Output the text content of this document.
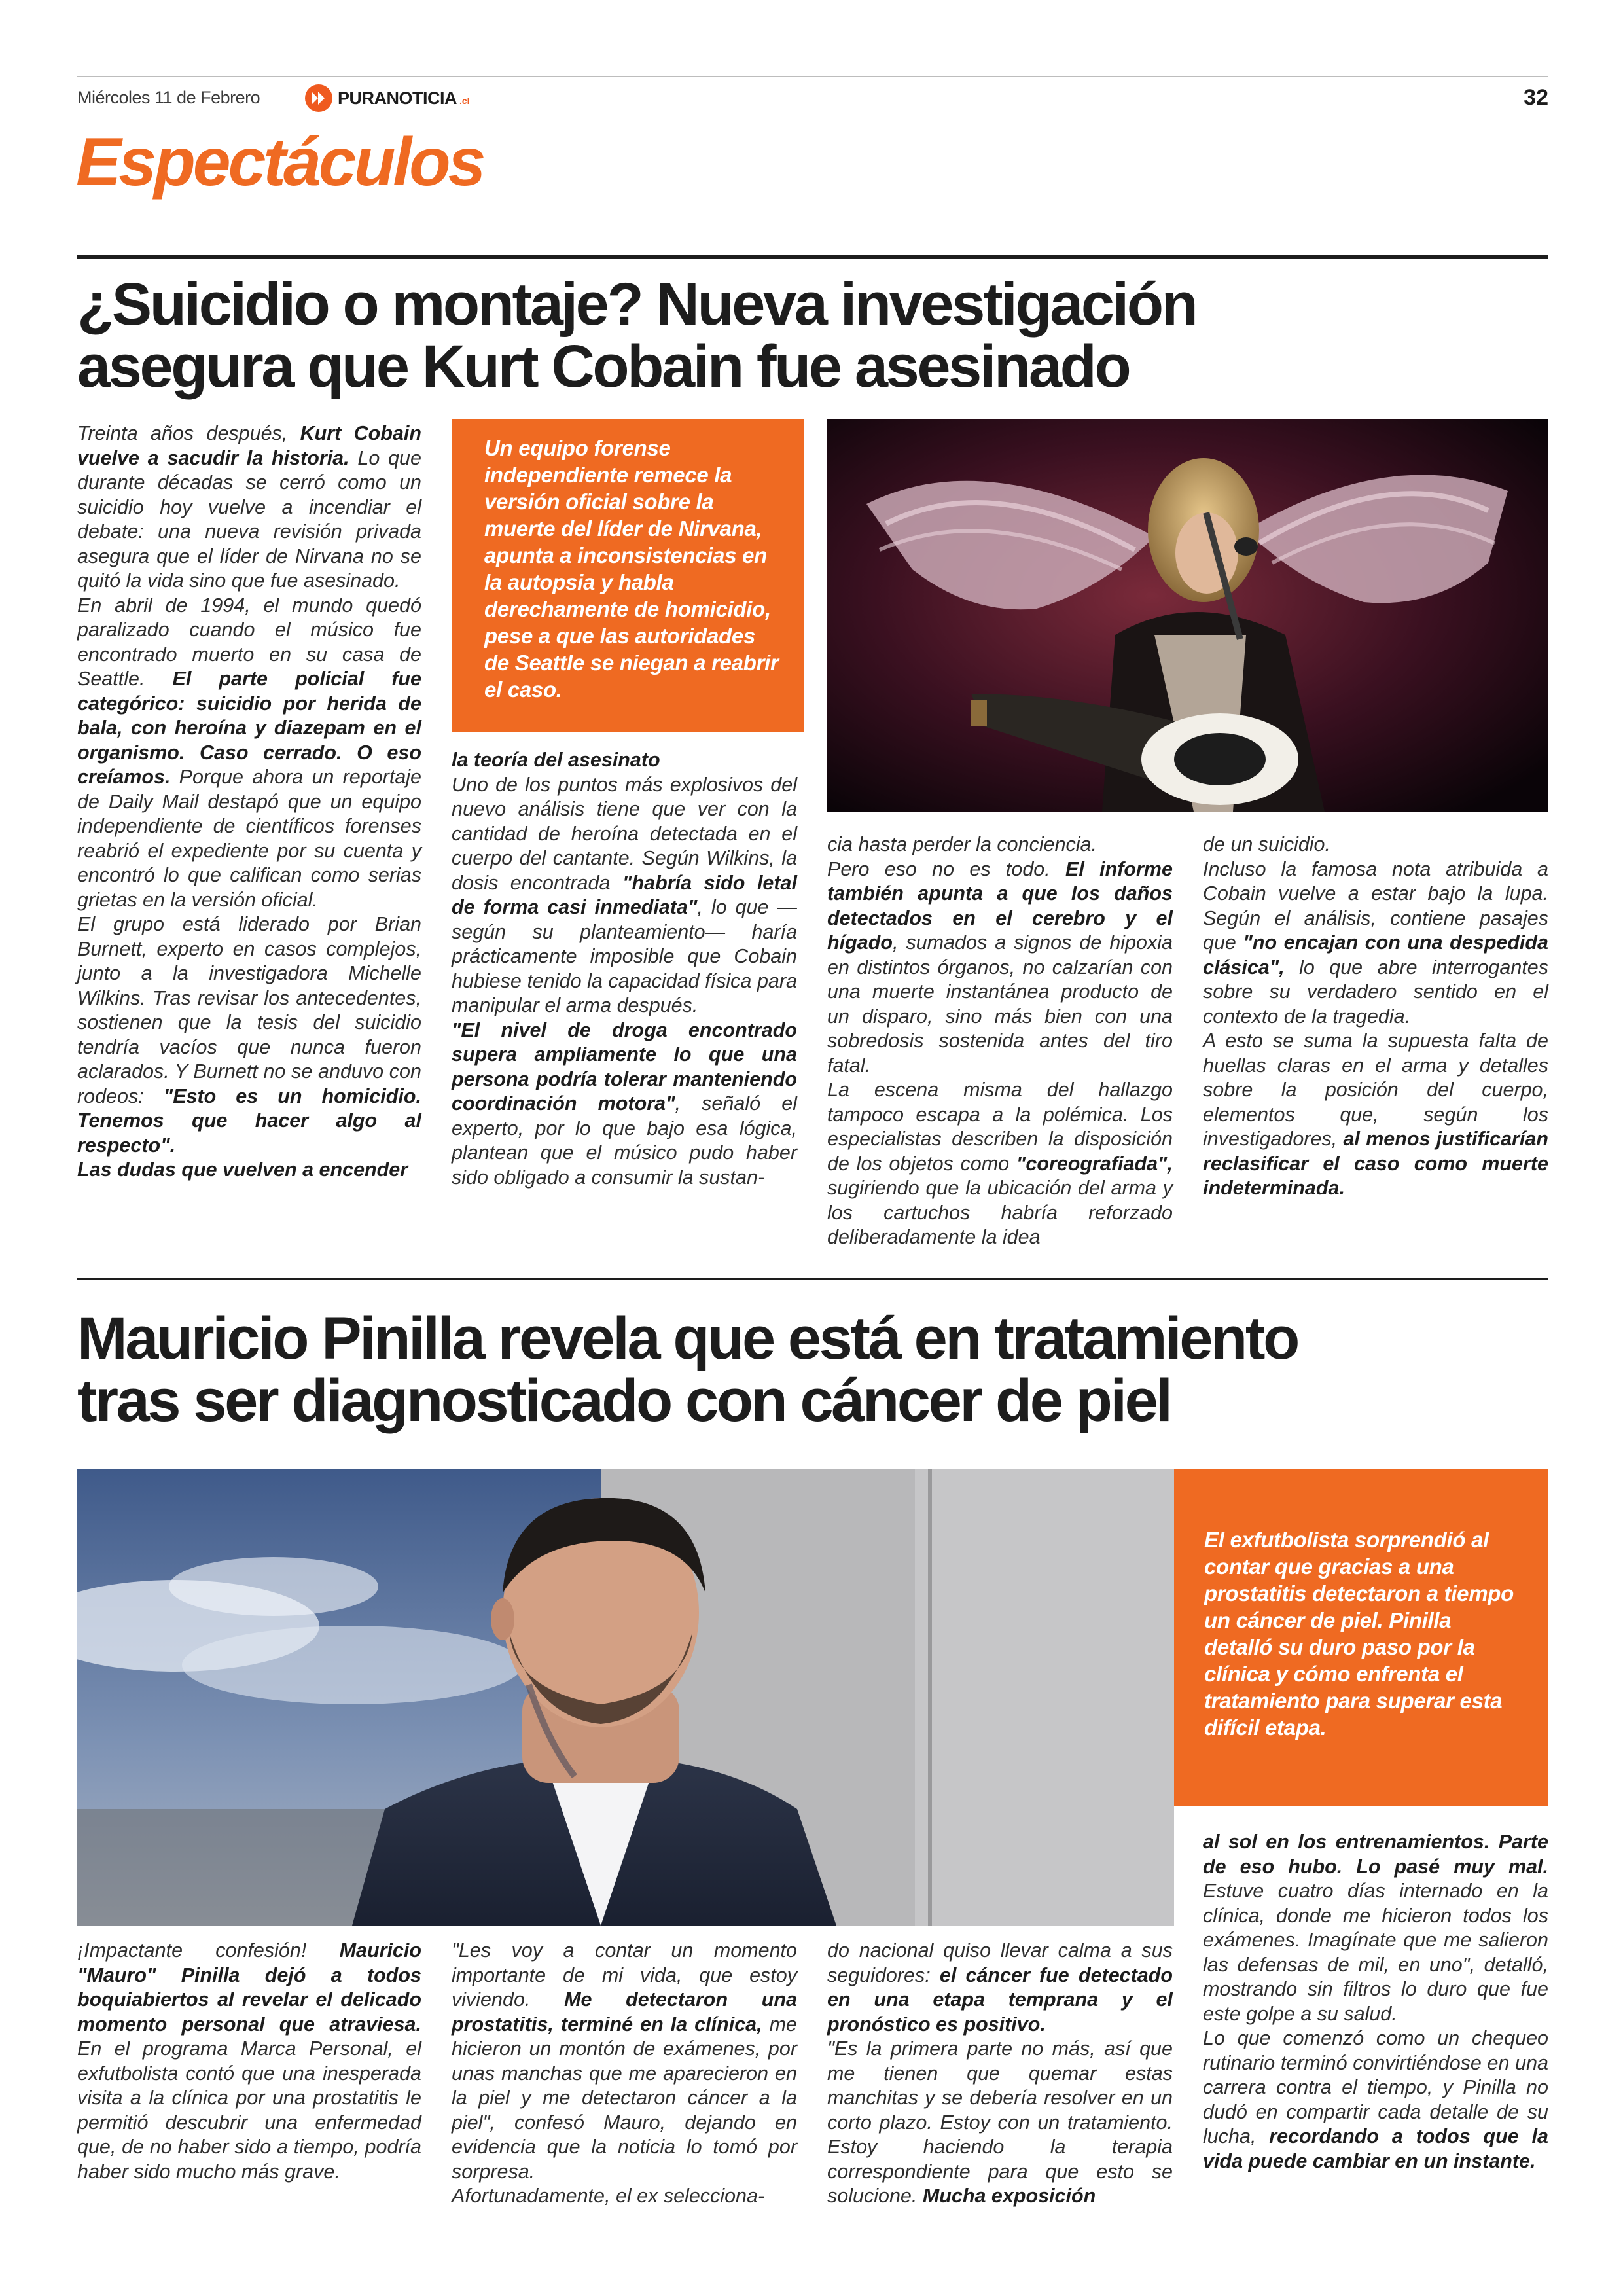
Miércoles 11 de Febrero	PURANOTICIA .cl	32
Espectáculos
¿Suicidio o montaje? Nueva investigación
asegura que Kurt Cobain fue asesinado

Treinta años después, Kurt Cobain vuelve a sacudir la historia. Lo que durante décadas se cerró como un suicidio hoy vuelve a incendiar el debate: una nueva revisión privada asegura que el líder de Nirvana no se quitó la vida sino que fue asesinado.

En abril de 1994, el mundo quedó paralizado cuando el músico fue encontrado muerto en su casa de Seattle. El parte policial fue categórico: suicidio por herida de bala, con heroína y diazepam en el organismo. Caso cerrado. O eso creíamos. Porque ahora un reportaje de Daily Mail destapó que un equipo independiente de científicos forenses reabrió el expediente por su cuenta y encontró lo que califican como serias grietas en la versión oficial.

El grupo está liderado por Brian Burnett, experto en casos complejos, junto a la investigadora Michelle Wilkins. Tras revisar los antecedentes, sostienen que la tesis del suicidio tendría vacíos que nunca fueron aclarados. Y Burnett no se anduvo con rodeos: "Esto es un homicidio. Tenemos que hacer algo al respecto".

Las dudas que vuelven a encender

Un equipo forense independiente remece la versión oficial sobre la muerte del líder de Nirvana, apunta a inconsistencias en la autopsia y habla derechamente de homicidio, pese a que las autoridades de Seattle se niegan a reabrir el caso.

la teoría del asesinato

Uno de los puntos más explosivos del nuevo análisis tiene que ver con la cantidad de heroína detectada en el cuerpo del cantante. Según Wilkins, la dosis encontrada "habría sido letal de forma casi inmediata", lo que —según su planteamiento— haría prácticamente imposible que Cobain hubiese tenido la capacidad física para manipular el arma después.

"El nivel de droga encontrado supera ampliamente lo que una persona podría tolerar manteniendo coordinación motora", señaló el experto, por lo que bajo esa lógica, plantean que el músico pudo haber sido obligado a consumir la sustan-

cia hasta perder la conciencia.

Pero eso no es todo. El informe también apunta a que los daños detectados en el cerebro y el hígado, sumados a signos de hipoxia en distintos órganos, no calzarían con una muerte instantánea producto de un disparo, sino más bien con una sobredosis sostenida antes del tiro fatal.

La escena misma del hallazgo tampoco escapa a la polémica. Los especialistas describen la disposición de los objetos como "coreografiada", sugiriendo que la ubicación del arma y los cartuchos habría reforzado deliberadamente la idea

de un suicidio.

Incluso la famosa nota atribuida a Cobain vuelve a estar bajo la lupa. Según el análisis, contiene pasajes que "no encajan con una despedida clásica", lo que abre interrogantes sobre su verdadero sentido en el contexto de la tragedia.

A esto se suma la supuesta falta de huellas claras en el arma y detalles sobre la posición del cuerpo, elementos que, según los investigadores, al menos justificarían reclasificar el caso como muerte indeterminada.

Mauricio Pinilla revela que está en tratamiento
tras ser diagnosticado con cáncer de piel

El exfutbolista sorprendió al contar que gracias a una prostatitis detectaron a tiempo un cáncer de piel. Pinilla detalló su duro paso por la clínica y cómo enfrenta el tratamiento para superar esta difícil etapa.

¡Impactante confesión! Mauricio "Mauro" Pinilla dejó a todos boquiabiertos al revelar el delicado momento personal que atraviesa. En el programa Marca Personal, el exfutbolista contó que una inesperada visita a la clínica por una prostatitis le permitió descubrir una enfermedad que, de no haber sido a tiempo, podría haber sido mucho más grave.

"Les voy a contar un momento importante de mi vida, que estoy viviendo. Me detectaron una prostatitis, terminé en la clínica, me hicieron un montón de exámenes, por unas manchas que me aparecieron en la piel y me detectaron cáncer a la piel", confesó Mauro, dejando en evidencia que la noticia lo tomó por sorpresa.

Afortunadamente, el ex selecciona-

do nacional quiso llevar calma a sus seguidores: el cáncer fue detectado en una etapa temprana y el pronóstico es positivo.

"Es la primera parte no más, así que me tienen que quemar estas manchitas y se debería resolver en un corto plazo. Estoy con un tratamiento. Estoy haciendo la terapia correspondiente para que esto se solucione. Mucha exposición

al sol en los entrenamientos. Parte de eso hubo. Lo pasé muy mal. Estuve cuatro días internado en la clínica, donde me hicieron todos los exámenes. Imagínate que me salieron las defensas de mil, en uno", detalló, mostrando sin filtros lo duro que fue este golpe a su salud.

Lo que comenzó como un chequeo rutinario terminó convirtiéndose en una carrera contra el tiempo, y Pinilla no dudó en compartir cada detalle de su lucha, recordando a todos que la vida puede cambiar en un instante.
